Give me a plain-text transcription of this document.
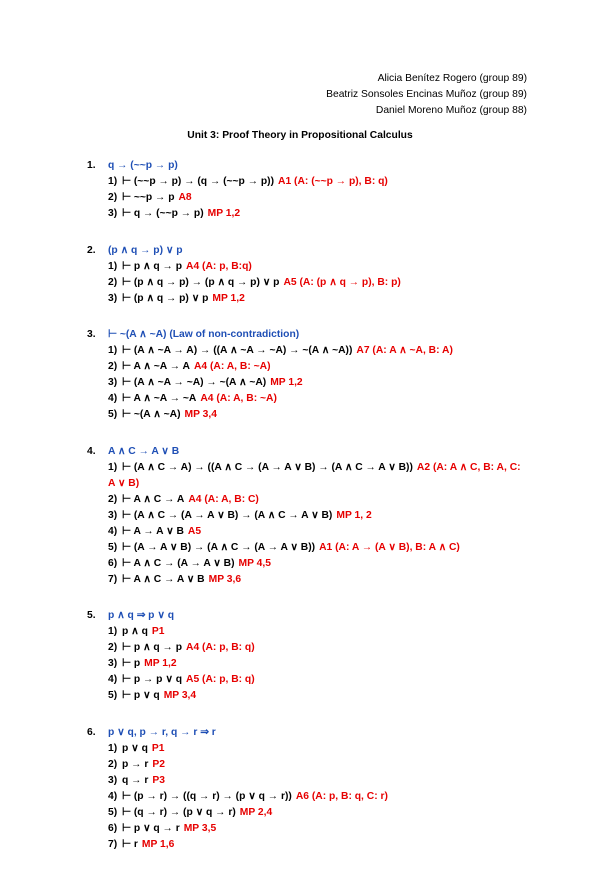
Alicia Benítez Rogero (group 89)
Beatriz Sonsoles Encinas Muñoz (group 89)
Daniel Moreno Muñoz (group 88)
Unit 3: Proof Theory in Propositional Calculus
1. q → (~~p → p)
1) ⊢ (~~p → p) → (q → (~~p → p)) A1 (A: (~~p → p), B: q)
2) ⊢ ~~p → p A8
3) ⊢ q → (~~p → p) MP 1,2
2. (p ∧ q → p) ∨ p
1) ⊢ p ∧ q → p A4 (A: p, B:q)
2) ⊢ (p ∧ q → p) → (p ∧ q → p) ∨ p A5 (A: (p ∧ q → p), B: p)
3) ⊢ (p ∧ q → p) ∨ p MP 1,2
3. ⊢ ~(A ∧ ~A) (Law of non-contradiction)
1) ⊢ (A ∧ ~A → A) → ((A ∧ ~A → ~A) → ~(A ∧ ~A)) A7 (A: A ∧ ~A, B: A)
2) ⊢ A ∧ ~A → A A4 (A: A, B: ~A)
3) ⊢ (A ∧ ~A → ~A) → ~(A ∧ ~A) MP 1,2
4) ⊢ A ∧ ~A → ~A A4 (A: A, B: ~A)
5) ⊢ ~(A ∧ ~A) MP 3,4
4. A ∧ C → A ∨ B
1) ⊢ (A ∧ C → A) → ((A ∧ C → (A → A ∨ B) → (A ∧ C → A ∨ B)) A2 (A: A ∧ C, B: A, C: A ∨ B)
2) ⊢ A ∧ C → A A4 (A: A, B: C)
3) ⊢ (A ∧ C → (A → A ∨ B) → (A ∧ C → A ∨ B) MP 1, 2
4) ⊢ A → A ∨ B A5
5) ⊢ (A → A ∨ B) → (A ∧ C → (A → A ∨ B)) A1 (A: A → (A ∨ B), B: A ∧ C)
6) ⊢ A ∧ C → (A → A ∨ B) MP 4,5
7) ⊢ A ∧ C → A ∨ B MP 3,6
5. p ∧ q ⇒ p ∨ q
1) p ∧ q P1
2) ⊢ p ∧ q → p A4 (A: p, B: q)
3) ⊢ p MP 1,2
4) ⊢ p → p ∨ q A5 (A: p, B: q)
5) ⊢ p ∨ q MP 3,4
6. p ∨ q, p → r, q → r ⇒ r
1) p ∨ q P1
2) p → r P2
3) q → r P3
4) ⊢ (p → r) → ((q → r) → (p ∨ q → r)) A6 (A: p, B: q, C: r)
5) ⊢ (q → r) → (p ∨ q → r) MP 2,4
6) ⊢ p ∨ q → r MP 3,5
7) ⊢ r MP 1,6
